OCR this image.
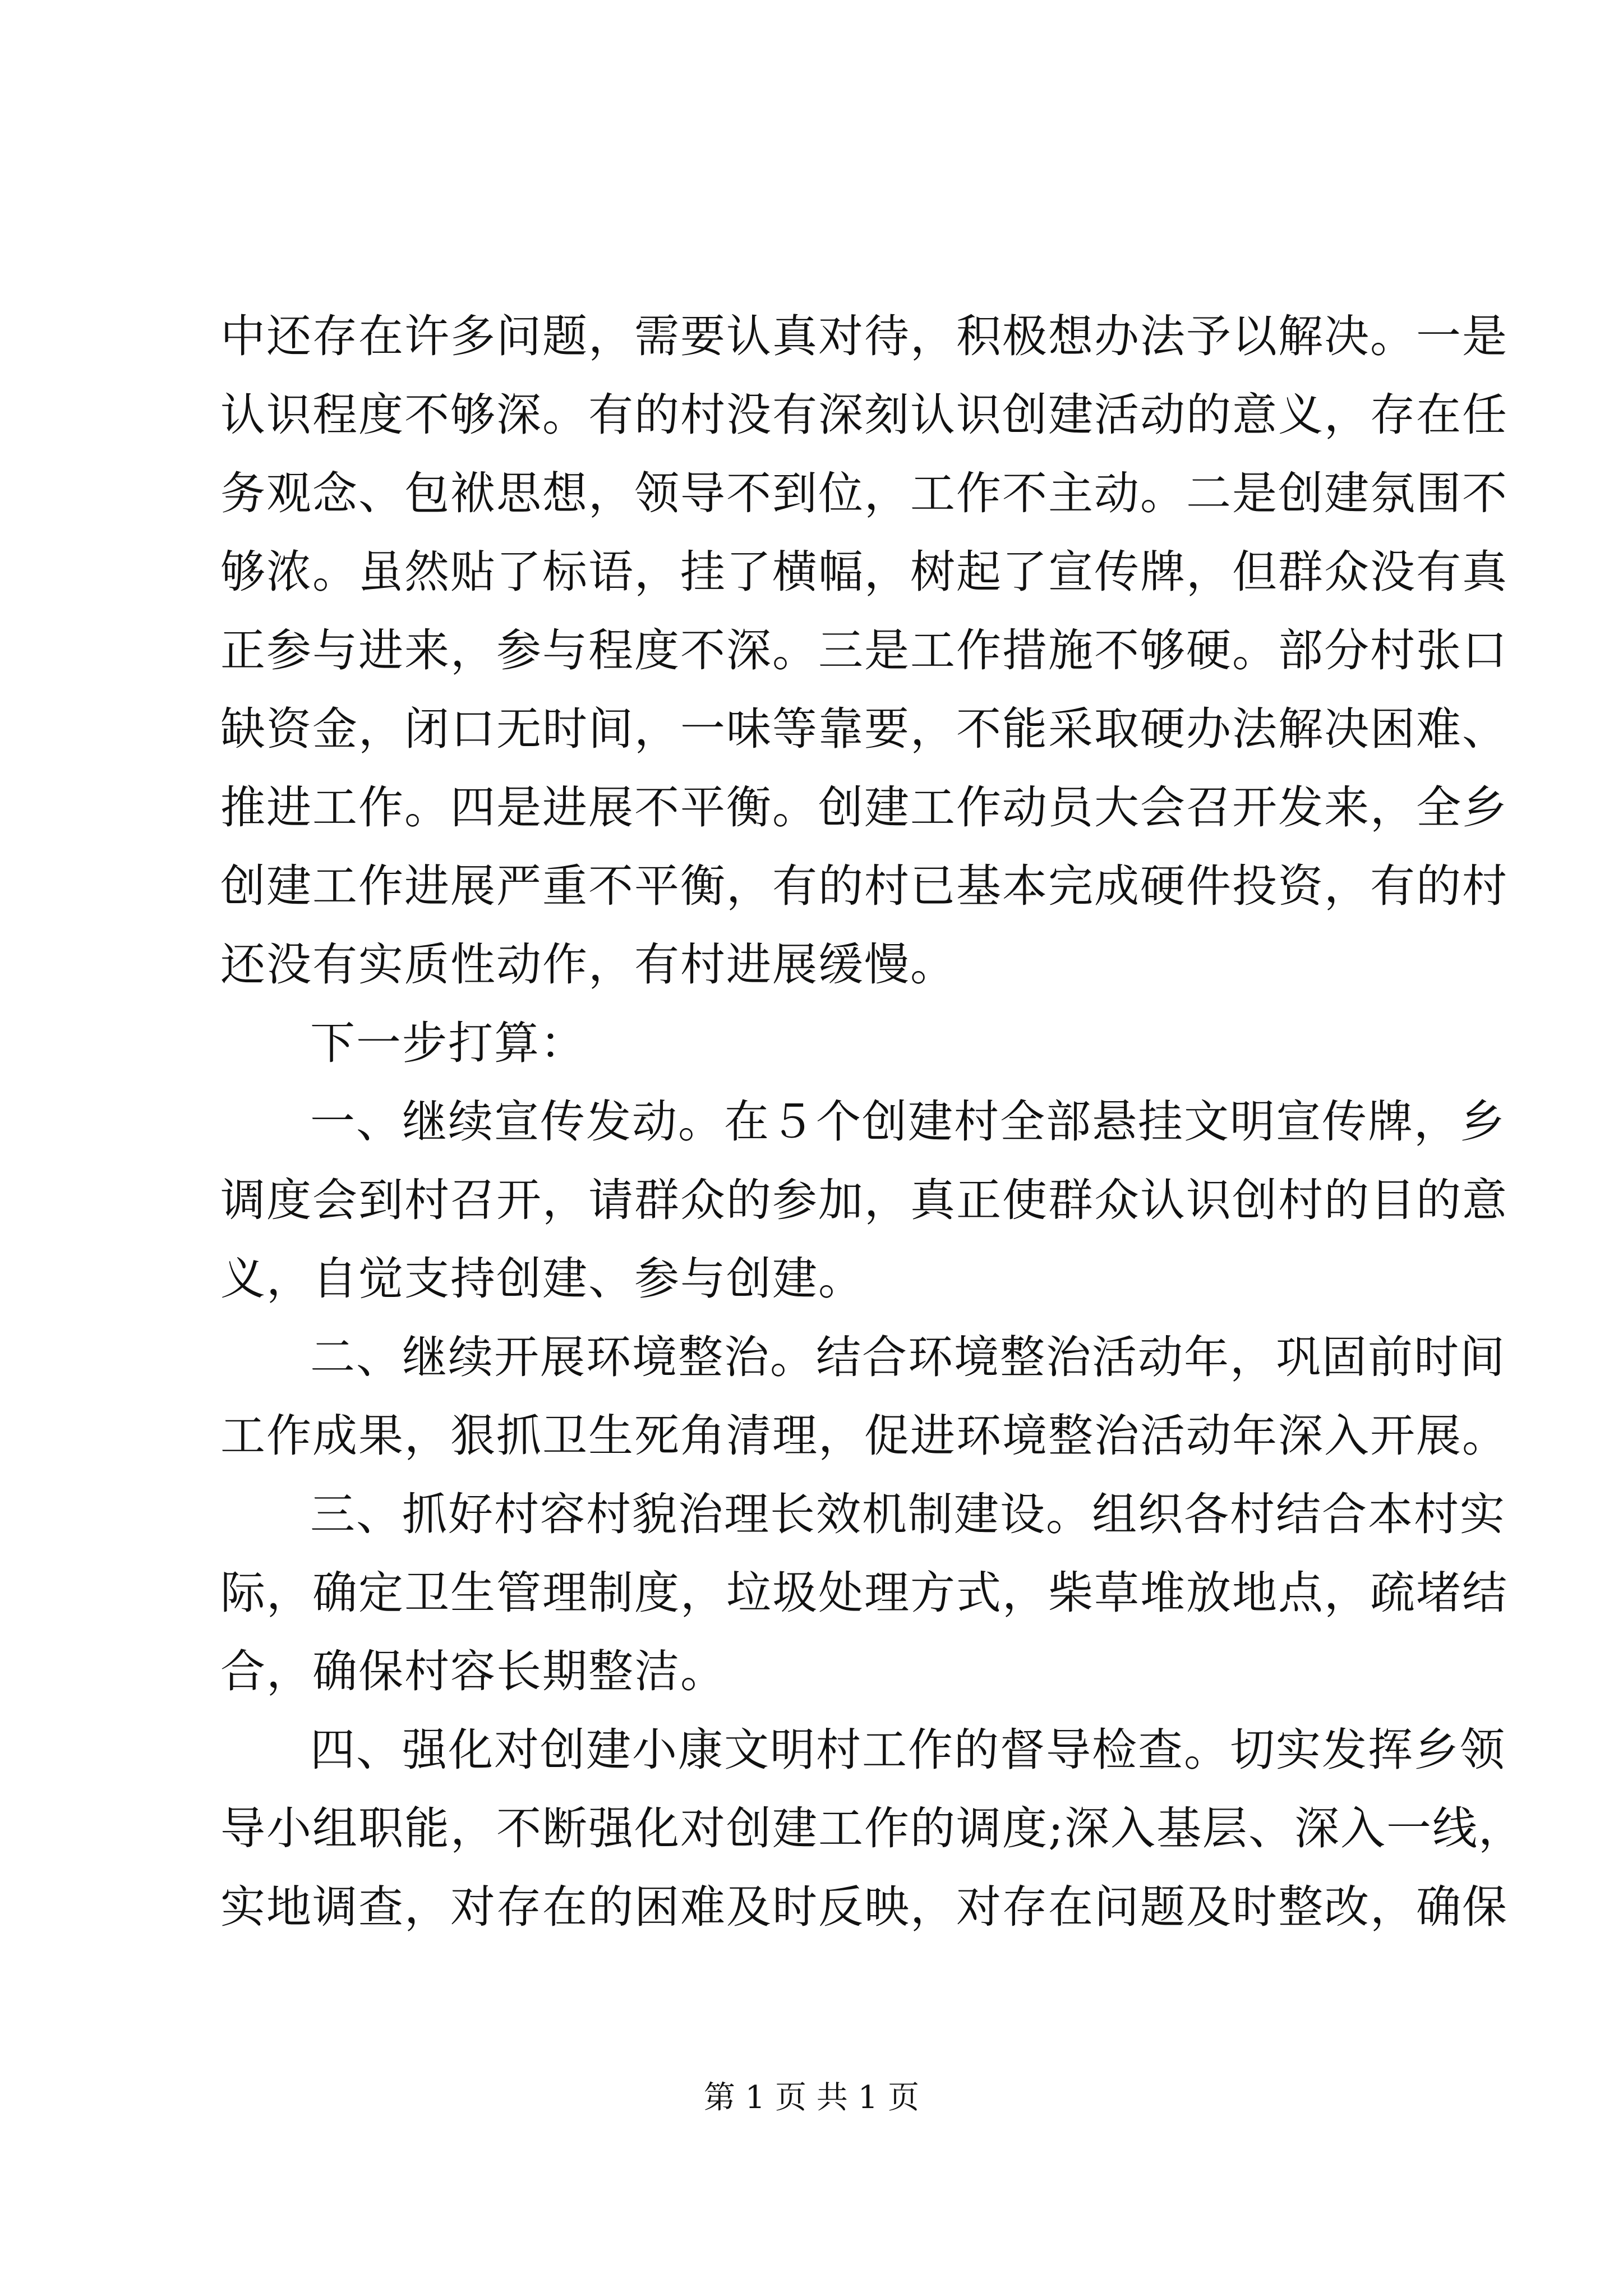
中还存在许多问题，需要认真对待，积极想办法予以解决。一是
认识程度不够深。有的村没有深刻认识创建活动的意义，存在任
务观念、包袱思想，领导不到位，工作不主动。二是创建氛围不
够浓。虽然贴了标语，挂了横幅，树起了宣传牌，但群众没有真
正参与进来，参与程度不深。三是工作措施不够硬。部分村张口
缺资金，闭口无时间，一味等靠要，不能采取硬办法解决困难、
推进工作。四是进展不平衡。创建工作动员大会召开发来，全乡
创建工作进展严重不平衡，有的村已基本完成硬件投资，有的村
还没有实质性动作，有村进展缓慢。
下一步打算：
一、继续宣传发动。在５个创建村全部悬挂文明宣传牌，乡
调度会到村召开，请群众的参加，真正使群众认识创村的目的意
义，自觉支持创建、参与创建。
二、继续开展环境整治。结合环境整治活动年，巩固前时间
工作成果，狠抓卫生死角清理，促进环境整治活动年深入开展。
三、抓好村容村貌治理长效机制建设。组织各村结合本村实
际，确定卫生管理制度，垃圾处理方式，柴草堆放地点，疏堵结
合，确保村容长期整洁。
四、强化对创建小康文明村工作的督导检查。切实发挥乡领
导小组职能，不断强化对创建工作的调度;深入基层、深入一线，
实地调查，对存在的困难及时反映，对存在问题及时整改，确保
第 1 页 共 1 页
